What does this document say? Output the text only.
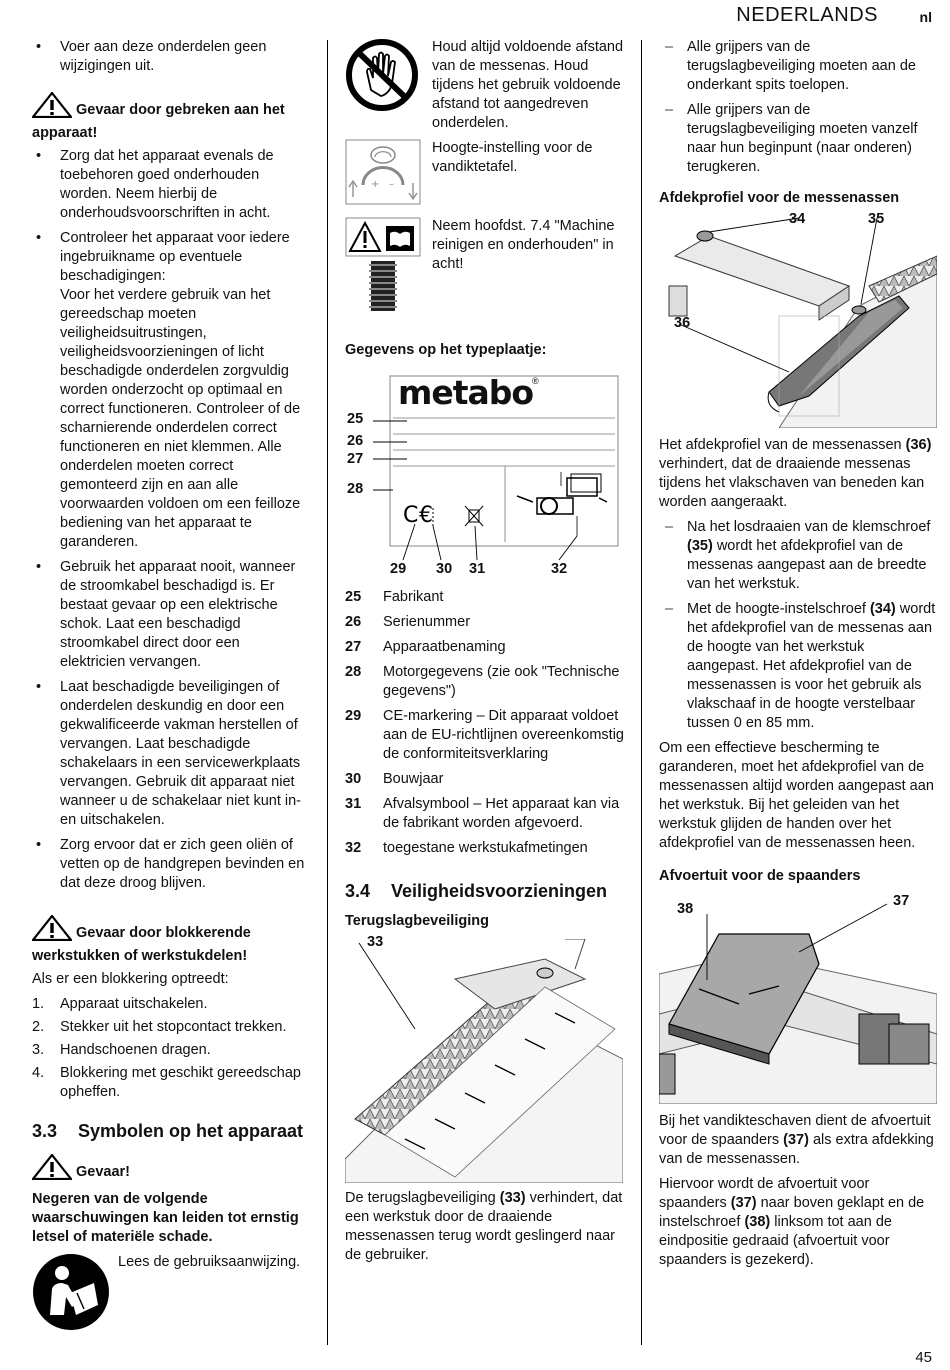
NEDERLANDS	nl
• Voer aan deze onderdelen geen wijzigingen uit.
Gevaar door gebreken aan het apparaat!
• Zorg dat het apparaat evenals de toebehoren goed onderhouden worden. Neem hierbij de onderhoudsvoorschriften in acht.
• Controleer het apparaat voor iedere ingebruikname op eventuele beschadigingen:
Voor het verdere gebruik van het gereedschap moeten veiligheidsuitrustingen, veiligheidsvoorzieningen of licht beschadigde onderdelen zorgvuldig worden onderzocht op optimaal en correct functioneren. Controleer of de scharnierende onderdelen correct functioneren en niet klemmen. Alle onderdelen moeten correct gemonteerd zijn en aan alle voorwaarden voldoen om een feilloze bediening van het apparaat te garanderen.
• Gebruik het apparaat nooit, wanneer de stroomkabel beschadigd is. Er bestaat gevaar op een elektrische schok. Laat een beschadigd stroomkabel direct door een elektricien vervangen.
• Laat beschadigde beveiligingen of onderdelen deskundig en door een gekwalificeerde vakman herstellen of vervangen. Laat beschadigde schakelaars in een servicewerkplaats vervangen. Gebruik dit apparaat niet wanneer u de schakelaar niet kunt in- en uitschakelen.
• Zorg ervoor dat er zich geen oliën of vetten op de handgrepen bevinden en dat deze droog blijven.
Gevaar door blokkerende werkstukken of werkstukdelen!

Als er een blokkering optreedt:

1. Apparaat uitschakelen.
2. Stekker uit het stopcontact trekken.
3. Handschoenen dragen.
4. Blokkering met geschikt gereedschap opheffen.
3.3	Symbolen op het apparaat
Gevaar!

Negeren van de volgende waarschuwingen kan leiden tot ernstig letsel of materiële schade.

Lees de gebruiksaanwijzing.
Houd altijd voldoende afstand van de messenas. Houd tijdens het gebruik voldoende afstand tot aangedreven onderdelen.
+ –
Hoogte-instelling voor de vandiktetafel.
Neem hoofdst. 7.4 "Machine reinigen en onderhouden" in acht!
Gegevens op het typeplaatje:
C €
metabo
®
25
26
27
28
29 30 31	32
25	Fabrikant
26	Serienummer
27	Apparaatbenaming
28	Motorgegevens (zie ook "Technische gegevens")
29	CE-markering – Dit apparaat voldoet aan de EU-richtlijnen overeenkomstig de conformiteitsverklaring
30	Bouwjaar
31	Afvalsymbool – Het apparaat kan via de fabrikant worden afgevoerd.
32	toegestane werkstukafmetingen
3.4	Veiligheidsvoorzieningen
Terugslagbeveiliging
33

De terugslagbeveiliging (33) verhindert, dat een werkstuk door de draaiende messenassen terug wordt geslingerd naar de gebruiker.

– Alle grijpers van de terugslagbeveiliging moeten aan de onderkant spits toelopen.
– Alle grijpers van de terugslagbeveiliging moeten vanzelf naar hun beginpunt (naar onderen) terugkeren.
Afdekprofiel voor de messenassen
34	35
36

Het afdekprofiel van de messenassen (36) verhindert, dat de draaiende messenas tijdens het vlakschaven van beneden kan worden aangeraakt.

– Na het losdraaien van de klemschroef (35) wordt het afdekprofiel van de messenas aangepast aan de breedte van het werkstuk.
– Met de hoogte-instelschroef (34) wordt het afdekprofiel van de messenas aan de hoogte van het werkstuk aangepast. Het afdekprofiel van de messenassen is voor het gebruik als vlakschaaf in de hoogte verstelbaar tussen 0 en 85 mm.

Om een effectieve bescherming te garanderen, moet het afdekprofiel van de messenassen altijd worden aangepast aan het werkstuk. Bij het geleiden van het werkstuk glijden de handen over het afdekprofiel van de messenassen heen.

Afvoertuit voor de spaanders
38	37

Bij het vandikteschaven dient de afvoertuit voor de spaanders (37) als extra afdekking van de messenassen.

Hiervoor wordt de afvoertuit voor spaanders (37) naar boven geklapt en de instelschroef (38) linksom tot aan de eindpositie gedraaid (afvoertuit voor spaanders is gezekerd).

45
